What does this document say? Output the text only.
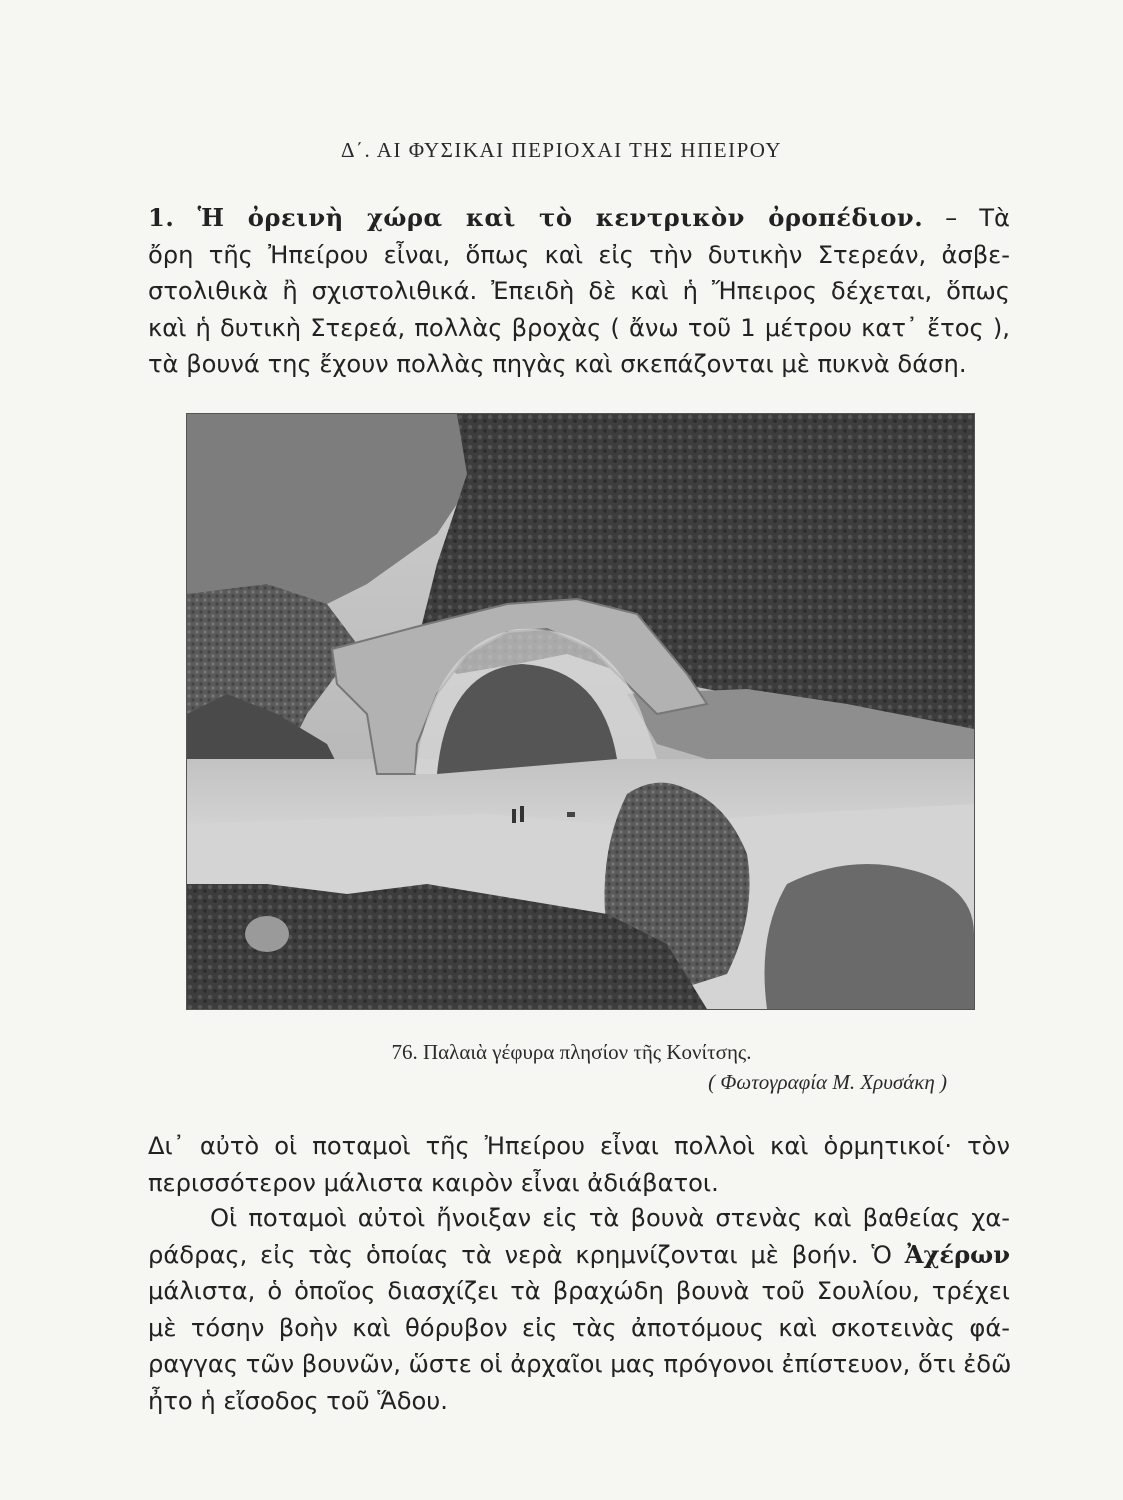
Δ΄. ΑΙ ΦΥΣΙΚΑΙ ΠΕΡΙΟΧΑΙ ΤΗΣ ΗΠΕΙΡΟΥ
1. Ἡ ὀρεινὴ χώρα καὶ τὸ κεντρικὸν ὀροπέδιον. – Τὰ
ὄρη τῆς Ἠπείρου εἶναι, ὅπως καὶ εἰς τὴν δυτικὴν Στερεάν, ἀσβε-
στολιθικὰ ἢ σχιστολιθικά. Ἐπειδὴ δὲ καὶ ἡ Ἤπειρος δέχεται, ὅπως
καὶ ἡ δυτικὴ Στερεά, πολλὰς βροχὰς ( ἄνω τοῦ 1 μέτρου κατ᾽ ἔτος ),
τὰ βουνά της ἔχουν πολλὰς πηγὰς καὶ σκεπάζονται μὲ πυκνὰ δάση.
76. Παλαιὰ γέφυρα πλησίον τῆς Κονίτσης.
( Φωτογραφία Μ. Χρυσάκη )
Δι᾽ αὐτὸ οἱ ποταμοὶ τῆς Ἠπείρου εἶναι πολλοὶ καὶ ὁρμητικοί· τὸν
περισσότερον μάλιστα καιρὸν εἶναι ἀδιάβατοι.
Οἱ ποταμοὶ αὐτοὶ ἤνοιξαν εἰς τὰ βουνὰ στενὰς καὶ βαθείας χα-
ράδρας, εἰς τὰς ὁποίας τὰ νερὰ κρημνίζονται μὲ βοήν. Ὁ Ἀχέρων
μάλιστα, ὁ ὁποῖος διασχίζει τὰ βραχώδη βουνὰ τοῦ Σουλίου, τρέχει
μὲ τόσην βοὴν καὶ θόρυβον εἰς τὰς ἀποτόμους καὶ σκοτεινὰς φά-
ραγγας τῶν βουνῶν, ὥστε οἱ ἀρχαῖοι μας πρόγονοι ἐπίστευον, ὅτι ἐδῶ
ἦτο ἡ εἴσοδος τοῦ Ἅδου.
